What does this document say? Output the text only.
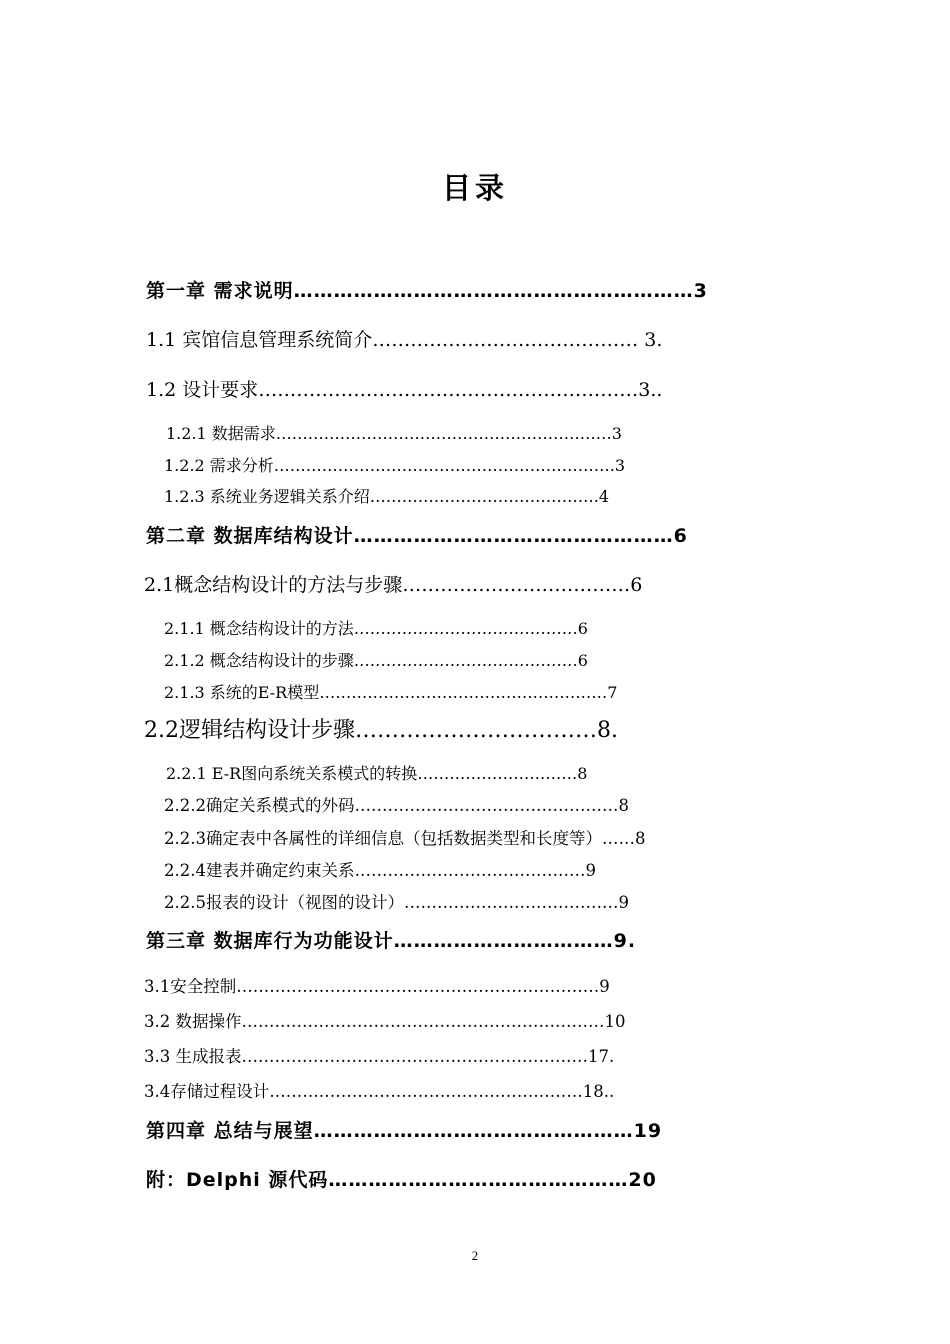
目录
第一章 需求说明……………………………………………………3
1.1 宾馆信息管理系统简介…………………………………… 3.
1.2 设计要求……………………………………………………3..
1.2.1 数据需求………………………………………………………3
1.2.2 需求分析……………………………………………………….3
1.2.3 系统业务逻辑关系介绍…………………………………….4
第二章 数据库结构设计…………………………………………6
2.1概念结构设计的方法与步骤………………………………6
2.1.1 概念结构设计的方法……………………………………6
2.1.2 概念结构设计的步骤……………………………………6
2.1.3 系统的E-R模型………………………………………………7
2.2逻辑结构设计步骤……………………………8.
2.2.1 E-R图向系统关系模式的转换…………………………8
2.2.2确定关系模式的外码…………………………………………8
2.2.3确定表中各属性的详细信息（包括数据类型和长度等）……8
2.2.4建表并确定约束关系……………………………………9
2.2.5报表的设计（视图的设计）…………………………………9
第三章 数据库行为功能设计……………………………9.
3.1安全控制…………………………………………………………9
3.2 数据操作…………………………………………………………10
3.3 生成报表………………………………………………………17.
3.4存储过程设计…………………………………………………18..
第四章 总结与展望…………………………………………19
附：Delphi 源代码………………………………………20
2
